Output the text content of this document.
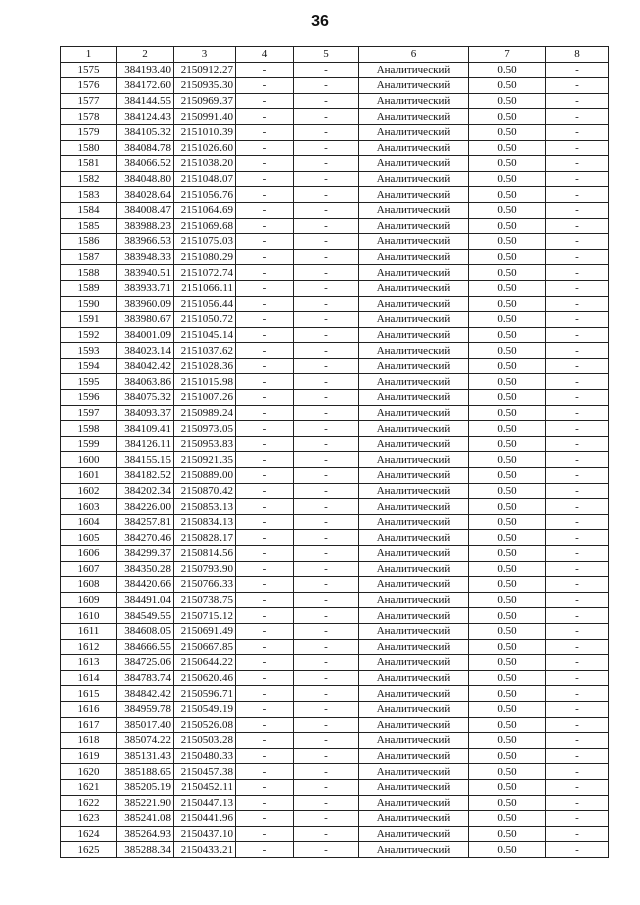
36
1	2	3	4	5	6	7	8
1575	384193.40	2150912.27	-	-	Аналитический	0.50	-
1576	384172.60	2150935.30	-	-	Аналитический	0.50	-
1577	384144.55	2150969.37	-	-	Аналитический	0.50	-
1578	384124.43	2150991.40	-	-	Аналитический	0.50	-
1579	384105.32	2151010.39	-	-	Аналитический	0.50	-
1580	384084.78	2151026.60	-	-	Аналитический	0.50	-
1581	384066.52	2151038.20	-	-	Аналитический	0.50	-
1582	384048.80	2151048.07	-	-	Аналитический	0.50	-
1583	384028.64	2151056.76	-	-	Аналитический	0.50	-
1584	384008.47	2151064.69	-	-	Аналитический	0.50	-
1585	383988.23	2151069.68	-	-	Аналитический	0.50	-
1586	383966.53	2151075.03	-	-	Аналитический	0.50	-
1587	383948.33	2151080.29	-	-	Аналитический	0.50	-
1588	383940.51	2151072.74	-	-	Аналитический	0.50	-
1589	383933.71	2151066.11	-	-	Аналитический	0.50	-
1590	383960.09	2151056.44	-	-	Аналитический	0.50	-
1591	383980.67	2151050.72	-	-	Аналитический	0.50	-
1592	384001.09	2151045.14	-	-	Аналитический	0.50	-
1593	384023.14	2151037.62	-	-	Аналитический	0.50	-
1594	384042.42	2151028.36	-	-	Аналитический	0.50	-
1595	384063.86	2151015.98	-	-	Аналитический	0.50	-
1596	384075.32	2151007.26	-	-	Аналитический	0.50	-
1597	384093.37	2150989.24	-	-	Аналитический	0.50	-
1598	384109.41	2150973.05	-	-	Аналитический	0.50	-
1599	384126.11	2150953.83	-	-	Аналитический	0.50	-
1600	384155.15	2150921.35	-	-	Аналитический	0.50	-
1601	384182.52	2150889.00	-	-	Аналитический	0.50	-
1602	384202.34	2150870.42	-	-	Аналитический	0.50	-
1603	384226.00	2150853.13	-	-	Аналитический	0.50	-
1604	384257.81	2150834.13	-	-	Аналитический	0.50	-
1605	384270.46	2150828.17	-	-	Аналитический	0.50	-
1606	384299.37	2150814.56	-	-	Аналитический	0.50	-
1607	384350.28	2150793.90	-	-	Аналитический	0.50	-
1608	384420.66	2150766.33	-	-	Аналитический	0.50	-
1609	384491.04	2150738.75	-	-	Аналитический	0.50	-
1610	384549.55	2150715.12	-	-	Аналитический	0.50	-
1611	384608.05	2150691.49	-	-	Аналитический	0.50	-
1612	384666.55	2150667.85	-	-	Аналитический	0.50	-
1613	384725.06	2150644.22	-	-	Аналитический	0.50	-
1614	384783.74	2150620.46	-	-	Аналитический	0.50	-
1615	384842.42	2150596.71	-	-	Аналитический	0.50	-
1616	384959.78	2150549.19	-	-	Аналитический	0.50	-
1617	385017.40	2150526.08	-	-	Аналитический	0.50	-
1618	385074.22	2150503.28	-	-	Аналитический	0.50	-
1619	385131.43	2150480.33	-	-	Аналитический	0.50	-
1620	385188.65	2150457.38	-	-	Аналитический	0.50	-
1621	385205.19	2150452.11	-	-	Аналитический	0.50	-
1622	385221.90	2150447.13	-	-	Аналитический	0.50	-
1623	385241.08	2150441.96	-	-	Аналитический	0.50	-
1624	385264.93	2150437.10	-	-	Аналитический	0.50	-
1625	385288.34	2150433.21	-	-	Аналитический	0.50	-
